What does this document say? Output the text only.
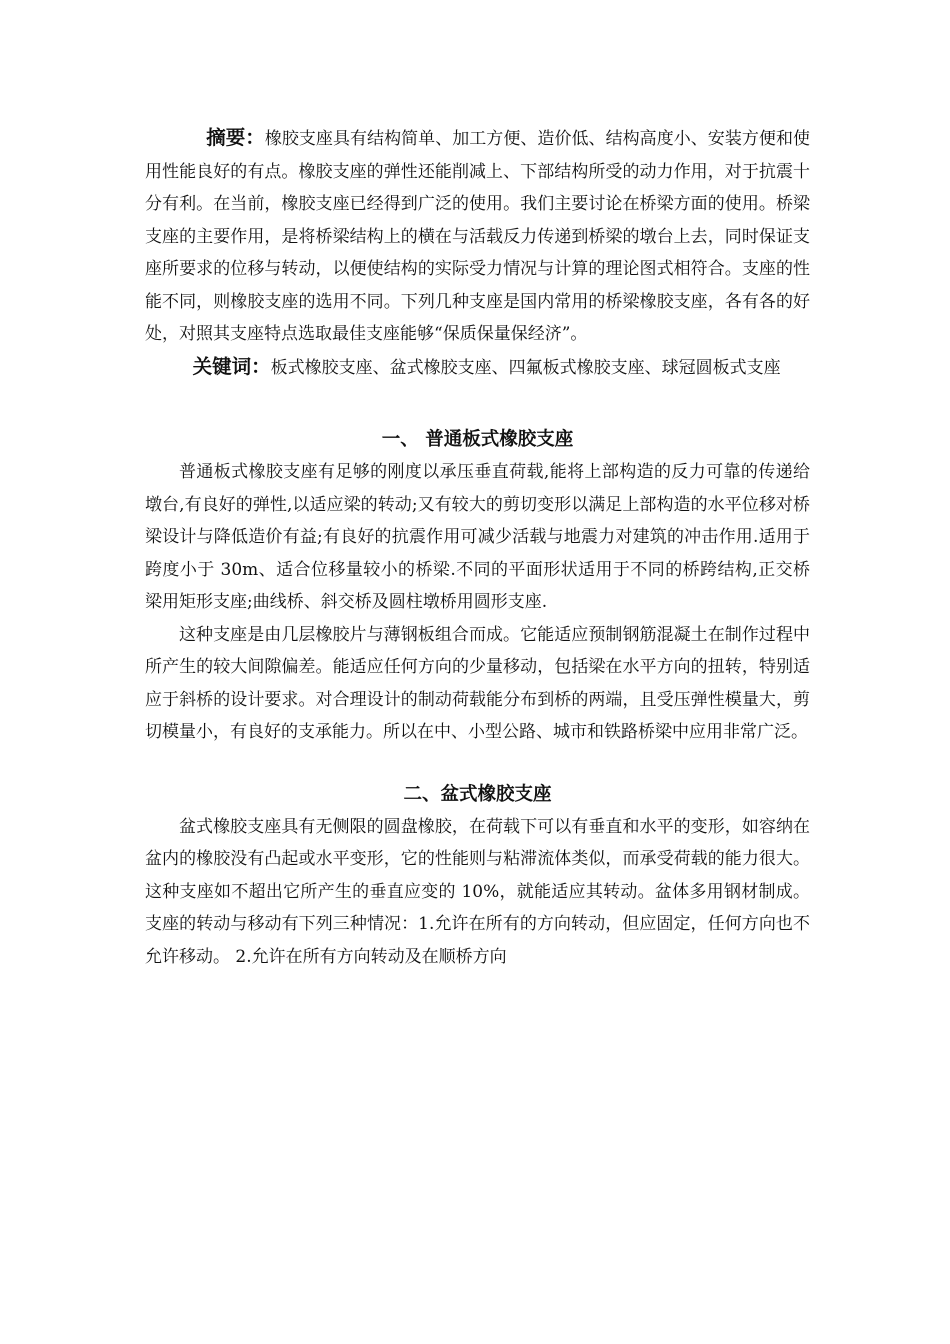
摘要：橡胶支座具有结构简单、加工方便、造价低、结构高度小、安装方便和使用性能良好的有点。橡胶支座的弹性还能削减上、下部结构所受的动力作用，对于抗震十分有利。在当前，橡胶支座已经得到广泛的使用。我们主要讨论在桥梁方面的使用。桥梁支座的主要作用，是将桥梁结构上的横在与活载反力传递到桥梁的墩台上去，同时保证支座所要求的位移与转动，以便使结构的实际受力情况与计算的理论图式相符合。支座的性能不同，则橡胶支座的选用不同。下列几种支座是国内常用的桥梁橡胶支座，各有各的好处，对照其支座特点选取最佳支座能够“保质保量保经济”。

关键词：板式橡胶支座、盆式橡胶支座、四氟板式橡胶支座、球冠圆板式支座

一、 普通板式橡胶支座

普通板式橡胶支座有足够的刚度以承压垂直荷载,能将上部构造的反力可靠的传递给墩台,有良好的弹性,以适应梁的转动;又有较大的剪切变形以满足上部构造的水平位移对桥梁设计与降低造价有益;有良好的抗震作用可减少活载与地震力对建筑的冲击作用.适用于跨度小于 30m、适合位移量较小的桥梁.不同的平面形状适用于不同的桥跨结构,正交桥梁用矩形支座;曲线桥、斜交桥及圆柱墩桥用圆形支座.

这种支座是由几层橡胶片与薄钢板组合而成。它能适应预制钢筋混凝土在制作过程中所产生的较大间隙偏差。能适应任何方向的少量移动，包括梁在水平方向的扭转，特别适应于斜桥的设计要求。对合理设计的制动荷载能分布到桥的两端，且受压弹性模量大，剪切模量小，有良好的支承能力。所以在中、小型公路、城市和铁路桥梁中应用非常广泛。

二、盆式橡胶支座

盆式橡胶支座具有无侧限的圆盘橡胶，在荷载下可以有垂直和水平的变形，如容纳在盆内的橡胶没有凸起或水平变形，它的性能则与粘滞流体类似，而承受荷载的能力很大。这种支座如不超出它所产生的垂直应变的 10%，就能适应其转动。盆体多用钢材制成。支座的转动与移动有下列三种情况：1.允许在所有的方向转动，但应固定，任何方向也不允许移动。 2.允许在所有方向转动及在顺桥方向
